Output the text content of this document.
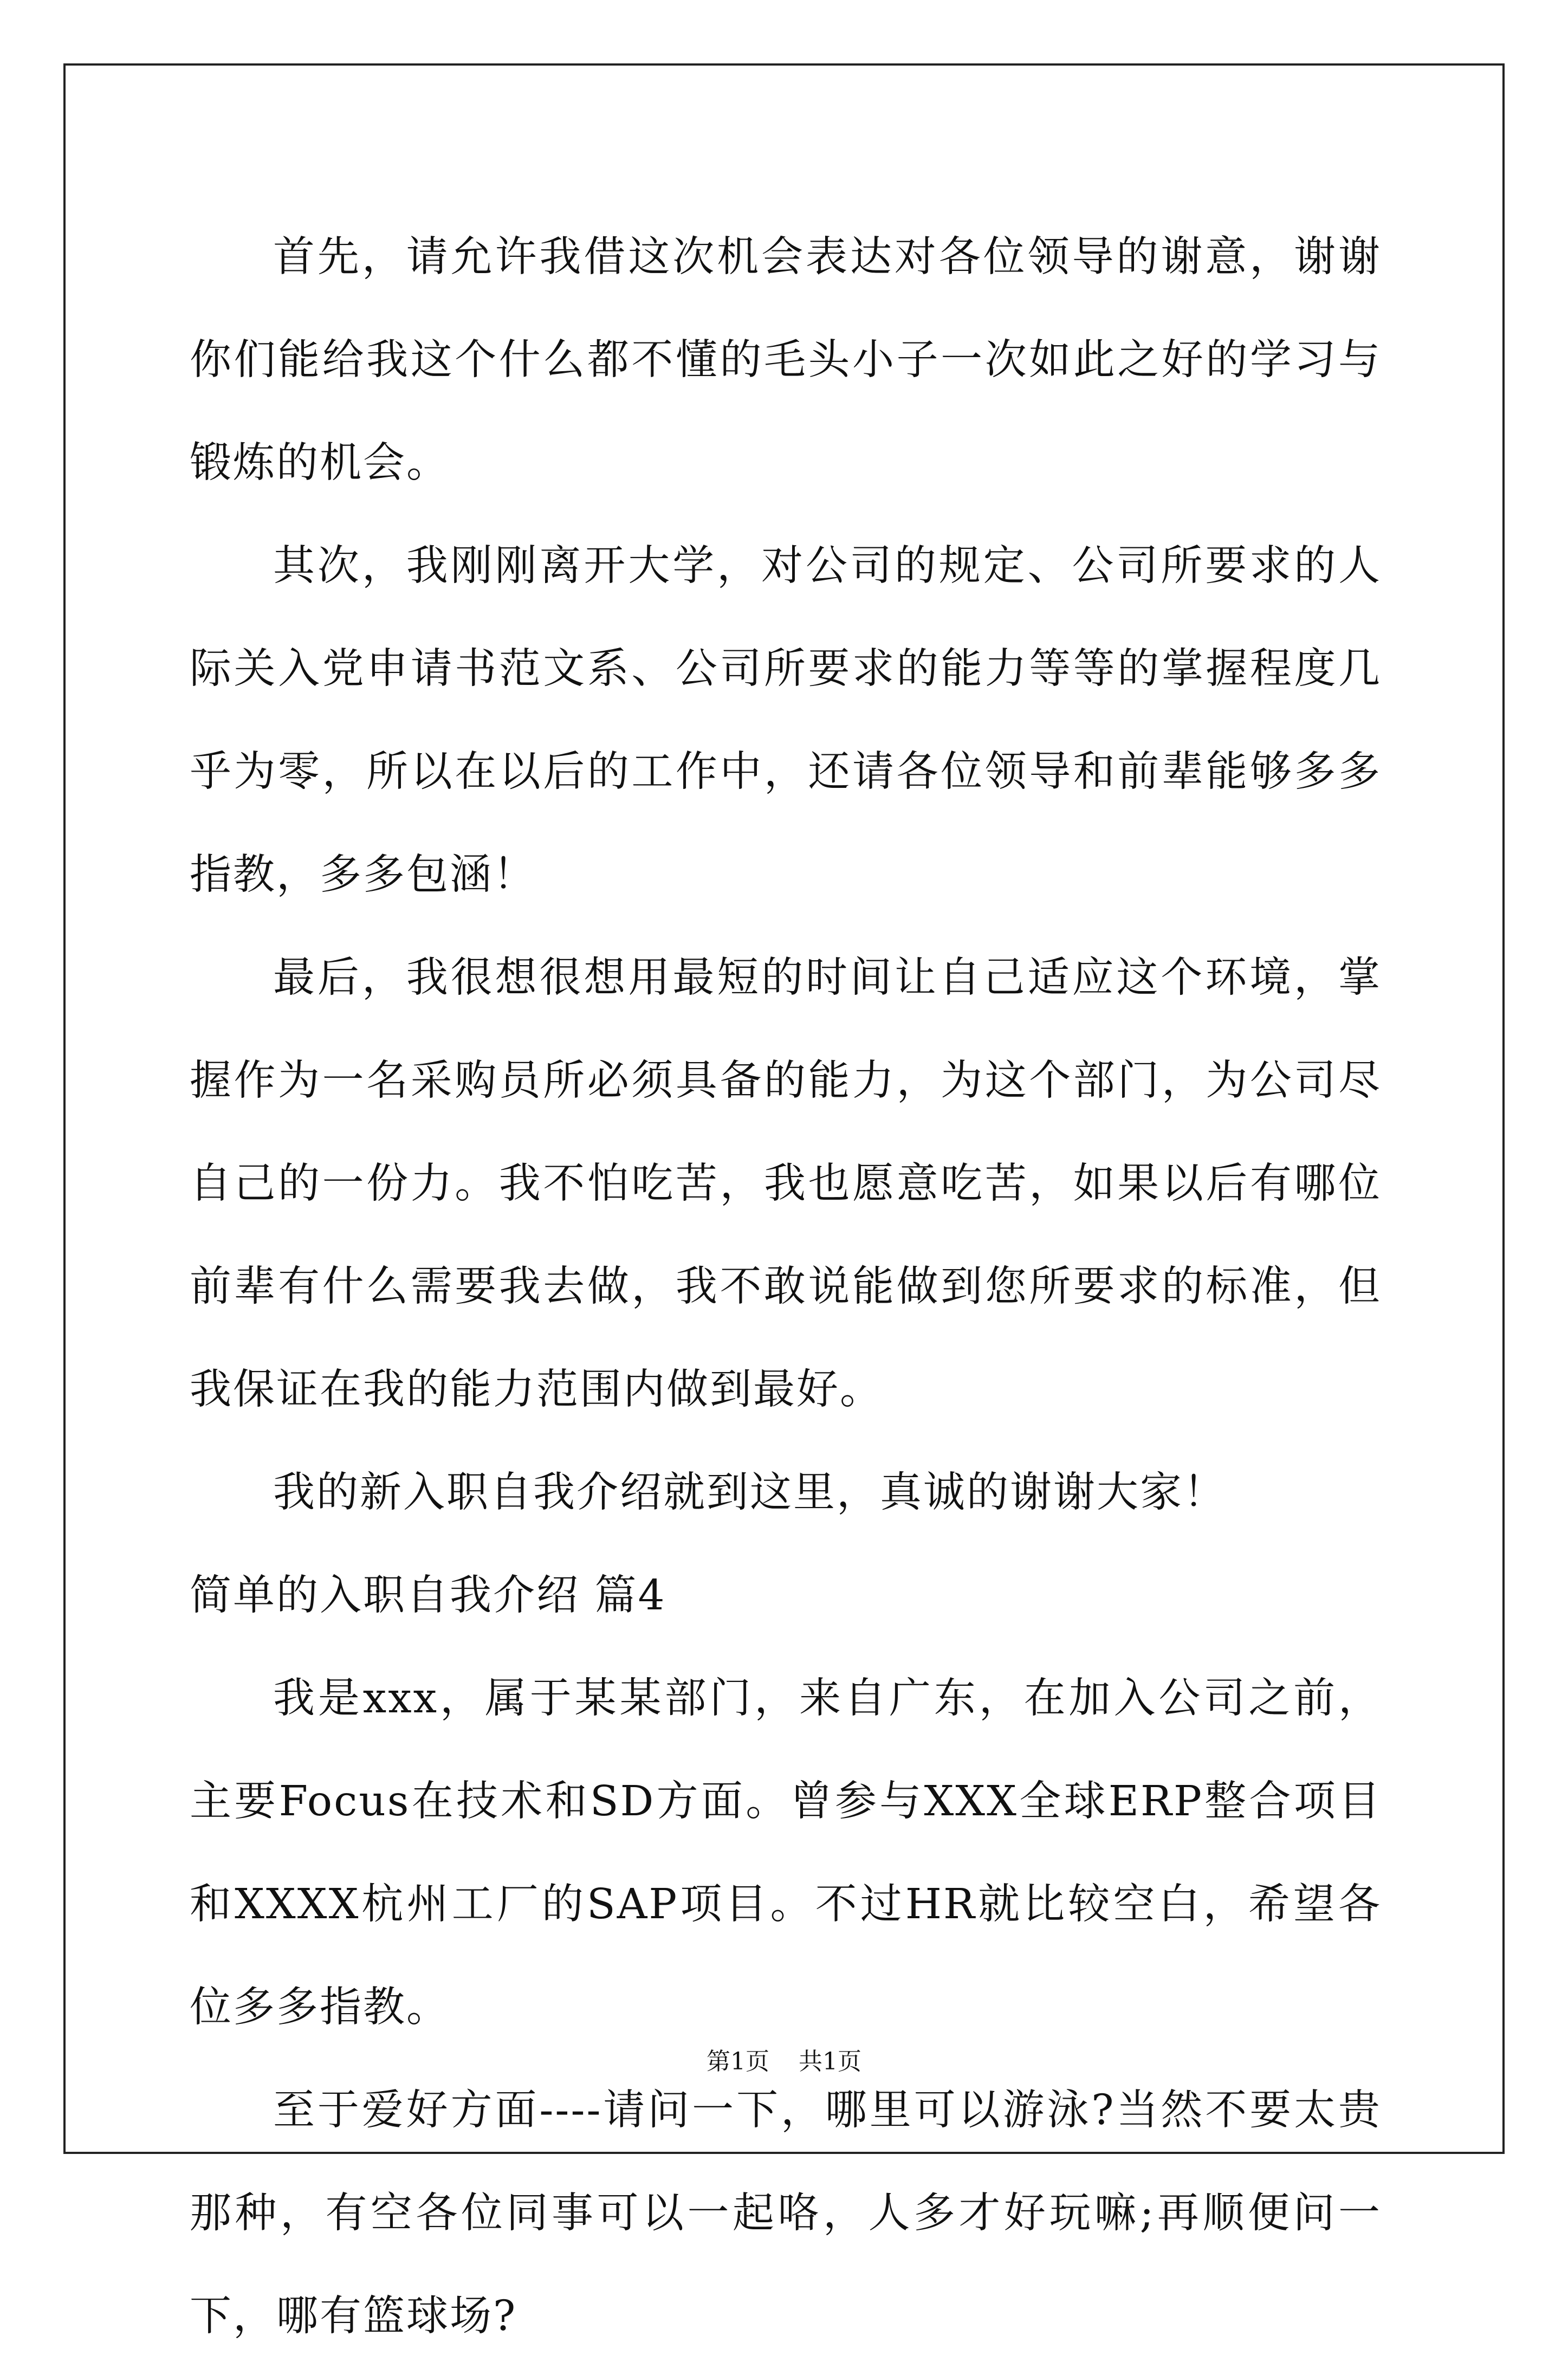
首先，请允许我借这次机会表达对各位领导的谢意，谢谢你们能给我这个什么都不懂的毛头小子一次如此之好的学习与锻炼的机会。

其次，我刚刚离开大学，对公司的规定、公司所要求的人际关入党申请书范文系、公司所要求的能力等等的掌握程度几乎为零，所以在以后的工作中，还请各位领导和前辈能够多多指教，多多包涵！

最后，我很想很想用最短的时间让自己适应这个环境，掌握作为一名采购员所必须具备的能力，为这个部门，为公司尽自己的一份力。我不怕吃苦，我也愿意吃苦，如果以后有哪位前辈有什么需要我去做，我不敢说能做到您所要求的标准，但我保证在我的能力范围内做到最好。

我的新入职自我介绍就到这里，真诚的谢谢大家！

简单的入职自我介绍 篇4

我是xxx，属于某某部门，来自广东，在加入公司之前，主要Focus在技术和SD方面。曾参与XXX全球ERP整合项目和XXXX杭州工厂的SAP项目。不过HR就比较空白，希望各位多多指教。

至于爱好方面----请问一下，哪里可以游泳?当然不要太贵那种，有空各位同事可以一起咯，人多才好玩嘛;再顺便问一下，哪有篮球场?

第1页 共1页
